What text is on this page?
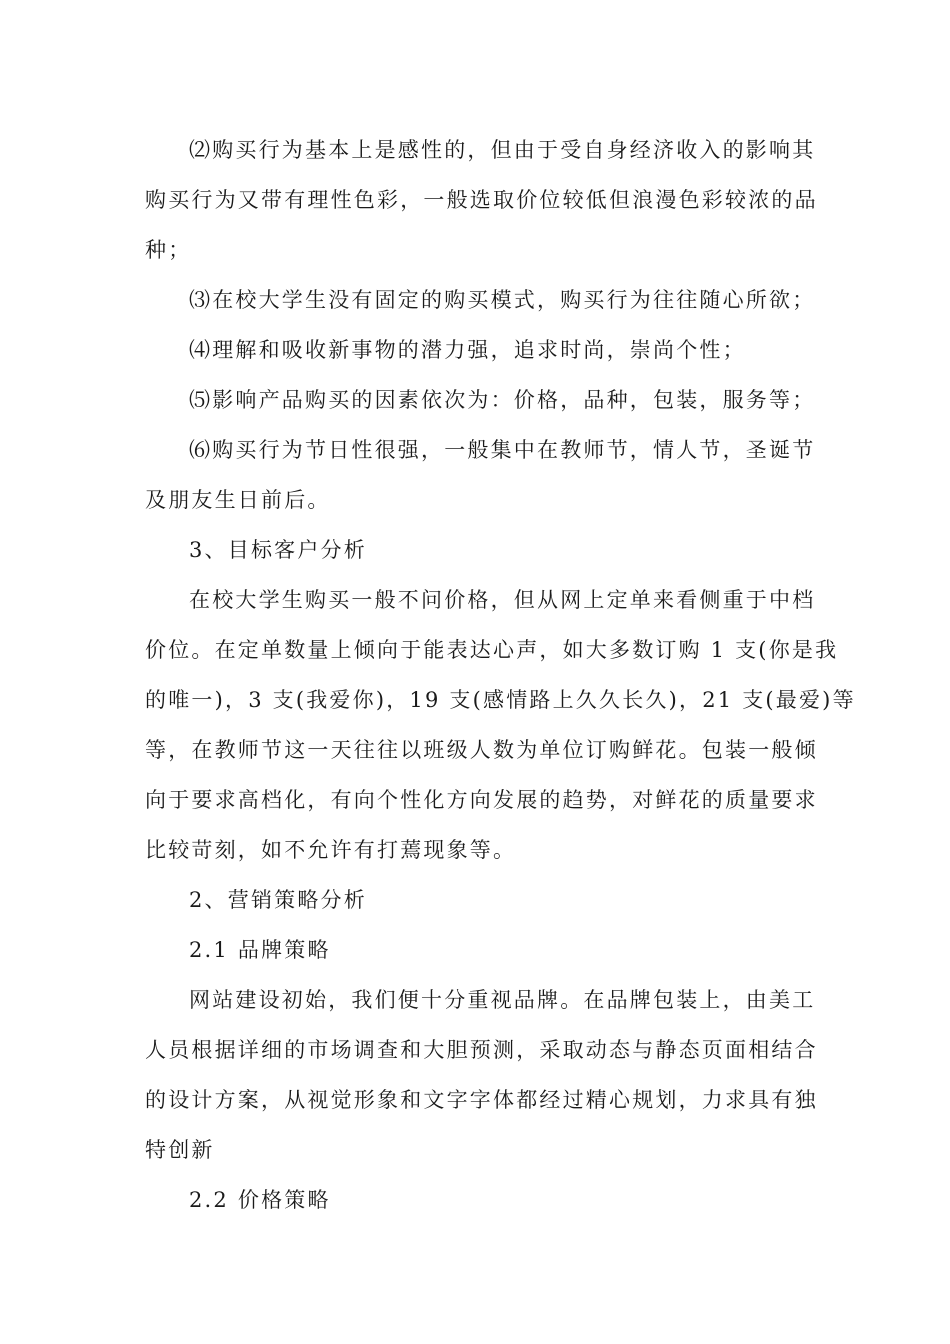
⑵购买行为基本上是感性的，但由于受自身经济收入的影响其
购买行为又带有理性色彩，一般选取价位较低但浪漫色彩较浓的品
种；
⑶在校大学生没有固定的购买模式，购买行为往往随心所欲；
⑷理解和吸收新事物的潜力强，追求时尚，崇尚个性；
⑸影响产品购买的因素依次为：价格，品种，包装，服务等；
⑹购买行为节日性很强，一般集中在教师节，情人节，圣诞节
及朋友生日前后。
3、目标客户分析
在校大学生购买一般不问价格，但从网上定单来看侧重于中档
价位。在定单数量上倾向于能表达心声，如大多数订购 1 支(你是我
的唯一)，3 支(我爱你)，19 支(感情路上久久长久)，21 支(最爱)等
等，在教师节这一天往往以班级人数为单位订购鲜花。包装一般倾
向于要求高档化，有向个性化方向发展的趋势，对鲜花的质量要求
比较苛刻，如不允许有打蔫现象等。
2、营销策略分析
2.1 品牌策略
网站建设初始，我们便十分重视品牌。在品牌包装上，由美工
人员根据详细的市场调查和大胆预测，采取动态与静态页面相结合
的设计方案，从视觉形象和文字字体都经过精心规划，力求具有独
特创新
2.2 价格策略
